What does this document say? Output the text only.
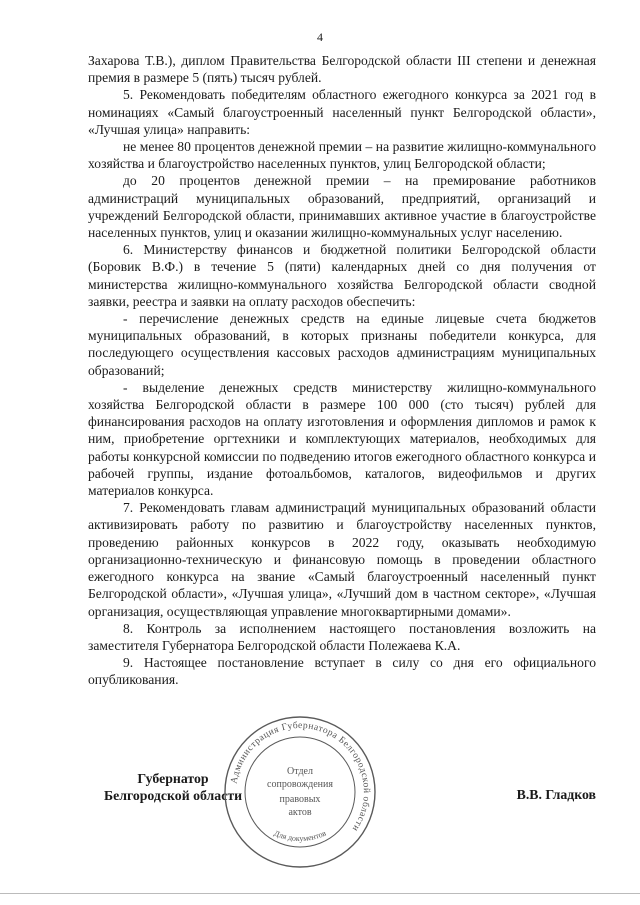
4

Захарова Т.В.), диплом Правительства Белгородской области III степени и денежная премия в размере 5 (пять) тысяч рублей.

5. Рекомендовать победителям областного ежегодного конкурса за 2021 год в номинациях «Самый благоустроенный населенный пункт Белгородской области», «Лучшая улица» направить:

не менее 80 процентов денежной премии – на развитие жилищно-коммунального хозяйства и благоустройство населенных пунктов, улиц Белгородской области;

до 20 процентов денежной премии – на премирование работников администраций муниципальных образований, предприятий, организаций и учреждений Белгородской области, принимавших активное участие в благоустройстве населенных пунктов, улиц и оказании жилищно-коммунальных услуг населению.

6. Министерству финансов и бюджетной политики Белгородской области (Боровик В.Ф.) в течение 5 (пяти) календарных дней со дня получения от министерства жилищно-коммунального хозяйства Белгородской области сводной заявки, реестра и заявки на оплату расходов обеспечить:

- перечисление денежных средств на единые лицевые счета бюджетов муниципальных образований, в которых признаны победители конкурса, для последующего осуществления кассовых расходов администрациям муниципальных образований;

- выделение денежных средств министерству жилищно-коммунального хозяйства Белгородской области в размере 100 000 (сто тысяч) рублей для финансирования расходов на оплату изготовления и оформления дипломов и рамок к ним, приобретение оргтехники и комплектующих материалов, необходимых для работы конкурсной комиссии по подведению итогов ежегодного областного конкурса и рабочей группы, издание фотоальбомов, каталогов, видеофильмов и других материалов конкурса.

7. Рекомендовать главам администраций муниципальных образований области активизировать работу по развитию и благоустройству населенных пунктов, проведению районных конкурсов в 2022 году, оказывать необходимую организационно-техническую и финансовую помощь в проведении областного ежегодного конкурса на звание «Самый благоустроенный населенный пункт Белгородской области», «Лучшая улица», «Лучший дом в частном секторе», «Лучшая организация, осуществляющая управление многоквартирными домами».

8. Контроль за исполнением настоящего постановления возложить на заместителя Губернатора Белгородской области Полежаева К.А.

9. Настоящее постановление вступает в силу со дня его официального опубликования.

Губернатор
Белгородской области
Администрация Губернатора Белгородской области
Отдел
сопровождения
правовых
актов
Для документов
В.В. Гладков
